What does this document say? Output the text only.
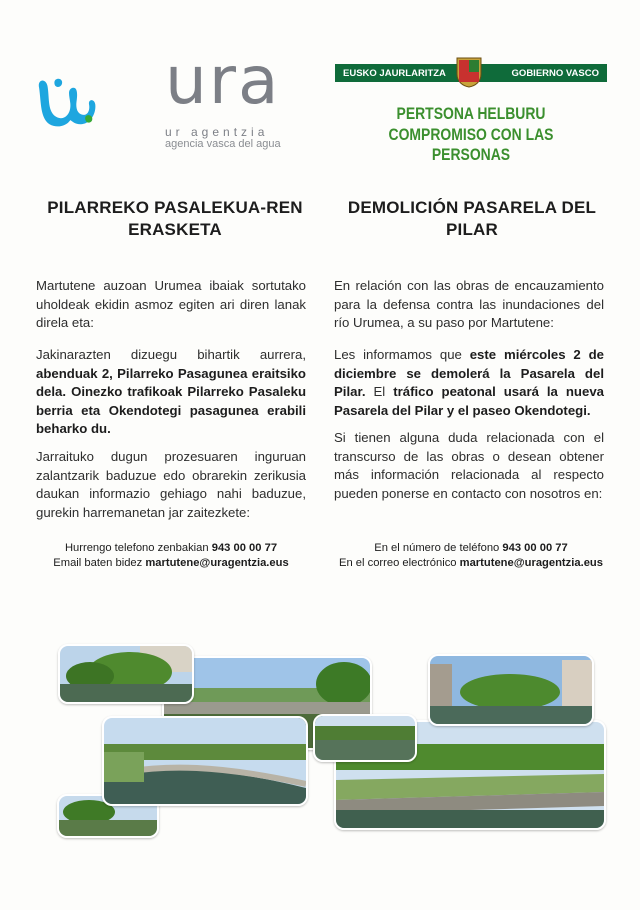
ura
ur agentzia
agencia vasca del agua
EUSKO JAURLARITZA	GOBIERNO VASCO
PERTSONA HELBURU
COMPROMISO CON LAS PERSONAS
PILARREKO PASALEKUA-REN ERASKETA
Martutene auzoan Urumea ibaiak sortutako uholdeak ekidin asmoz egiten ari diren lanak direla eta:
Jakinarazten dizuegu bihartik aurrera, abenduak 2, Pilarreko Pasagunea eraitsiko dela. Oinezko trafikoak Pilarreko Pasaleku berria eta Okendotegi pasagunea erabili beharko du.
Jarraituko dugun prozesuaren inguruan zalantzarik baduzue edo obrarekin zerikusia daukan informazio gehiago nahi baduzue, gurekin harremanetan jar zaitezkete:
Hurrengo telefono zenbakian 943 00 00 77
Email baten bidez martutene@uragentzia.eus
DEMOLICIÓN PASARELA DEL PILAR
En relación con las obras de encauzamiento para la defensa contra las inundaciones del río Urumea, a su paso por Martutene:
Les informamos que este miércoles 2 de diciembre se demolerá la Pasarela del Pilar. El tráfico peatonal usará la nueva Pasarela del Pilar y el paseo Okendotegi.
Si tienen alguna duda relacionada con el transcurso de las obras o desean obtener más información relacionada al respecto pueden ponerse en contacto con nosotros en:
En el número de teléfono 943 00 00 77
En el correo electrónico martutene@uragentzia.eus
